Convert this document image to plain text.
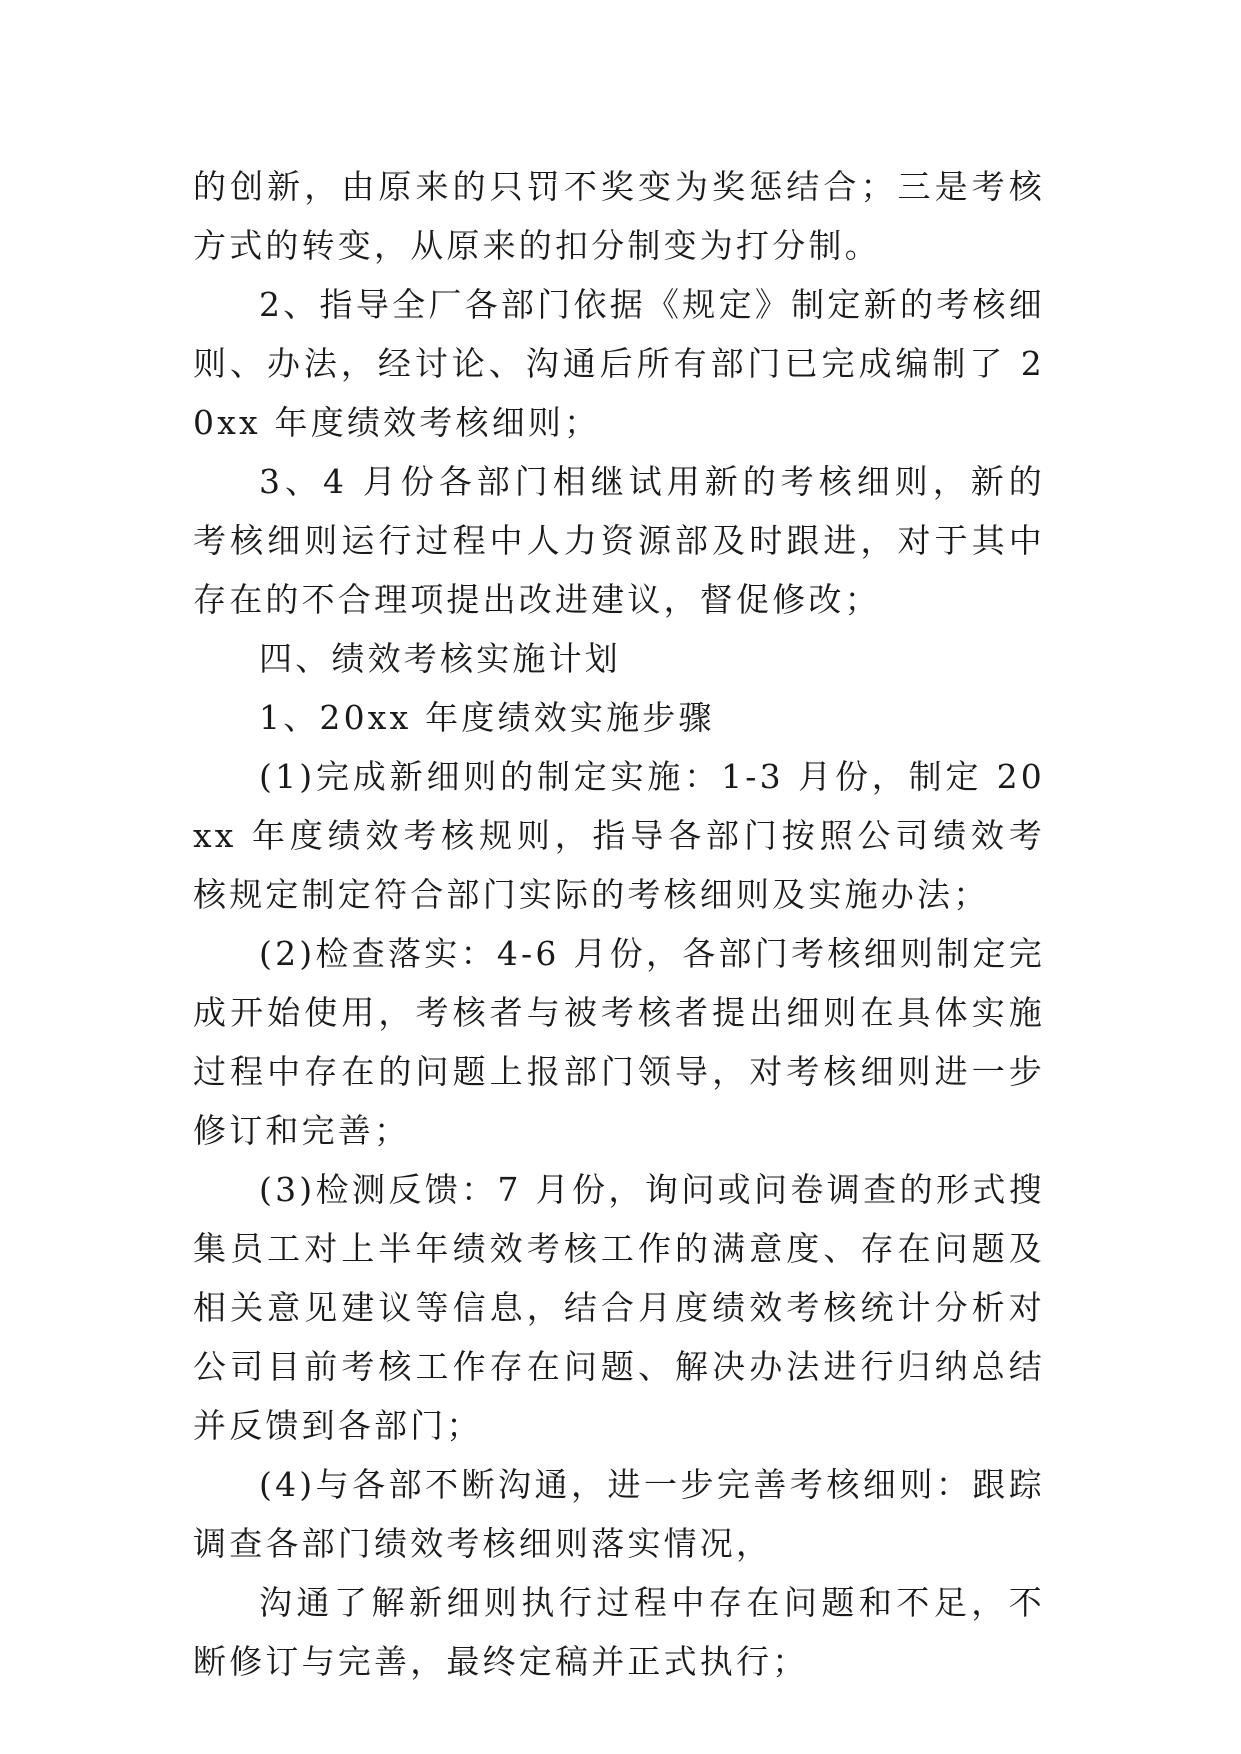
的创新，由原来的只罚不奖变为奖惩结合；三是考核方式的转变，从原来的扣分制变为打分制。

2、指导全厂各部门依据《规定》制定新的考核细则、办法，经讨论、沟通后所有部门已完成编制了 20xx 年度绩效考核细则；

3、4 月份各部门相继试用新的考核细则，新的考核细则运行过程中人力资源部及时跟进，对于其中存在的不合理项提出改进建议，督促修改；

四、绩效考核实施计划

1、20xx 年度绩效实施步骤

(1)完成新细则的制定实施：1-3 月份，制定 20xx 年度绩效考核规则，指导各部门按照公司绩效考核规定制定符合部门实际的考核细则及实施办法；

(2)检查落实：4-6 月份，各部门考核细则制定完成开始使用，考核者与被考核者提出细则在具体实施过程中存在的问题上报部门领导，对考核细则进一步修订和完善；

(3)检测反馈：7 月份，询问或问卷调查的形式搜集员工对上半年绩效考核工作的满意度、存在问题及相关意见建议等信息，结合月度绩效考核统计分析对公司目前考核工作存在问题、解决办法进行归纳总结并反馈到各部门；

(4)与各部不断沟通，进一步完善考核细则：跟踪调查各部门绩效考核细则落实情况，

沟通了解新细则执行过程中存在问题和不足，不断修订与完善，最终定稿并正式执行；
